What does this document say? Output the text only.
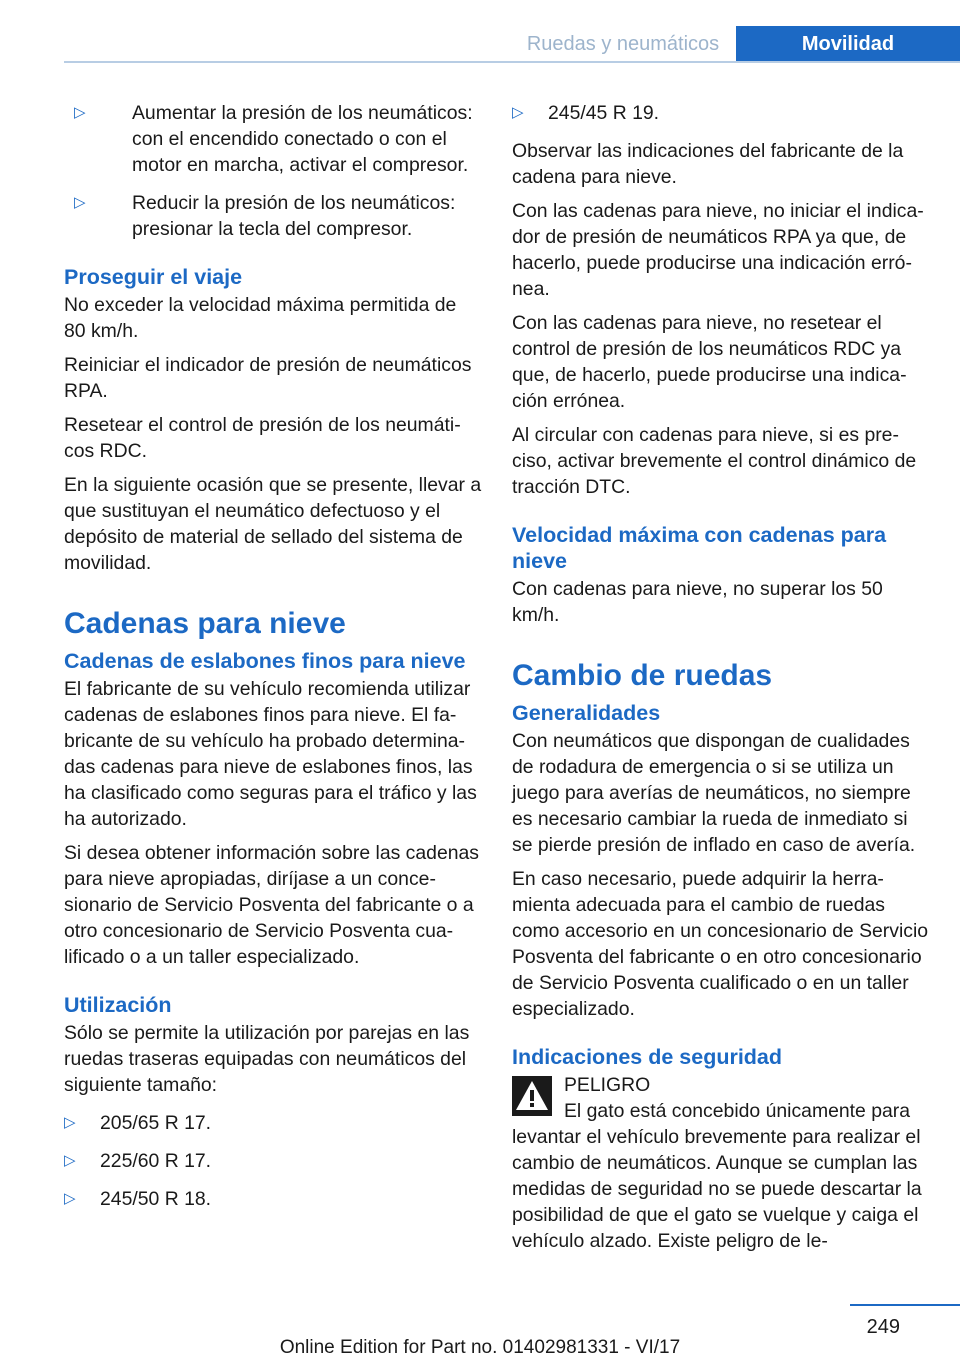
Ruedas y neumáticos	Movilidad
▷ Aumentar la presión de los neumáticos: con el encendido conectado o con el motor en marcha, activar el compresor.
▷ Reducir la presión de los neumáticos: presionar la tecla del compresor.
Proseguir el viaje

No exceder la velocidad máxima permitida de 80 km/h.

Reiniciar el indicador de presión de neumáticos RPA.

Resetear el control de presión de los neumáticos RDC.

En la siguiente ocasión que se presente, llevar a que sustituyan el neumático defectuoso y el depósito de material de sellado del sistema de movilidad.

Cadenas para nieve
Cadenas de eslabones finos para nieve

El fabricante de su vehículo recomienda utilizar cadenas de eslabones finos para nieve. El fabricante de su vehículo ha probado determinadas cadenas para nieve de eslabones finos, las ha clasificado como seguras para el tráfico y las ha autorizado.

Si desea obtener información sobre las cadenas para nieve apropiadas, diríjase a un concesionario de Servicio Posventa del fabricante o a otro concesionario de Servicio Posventa cualificado o a un taller especializado.

Utilización

Sólo se permite la utilización por parejas en las ruedas traseras equipadas con neumáticos del siguiente tamaño:

▷ 205/65 R 17.
▷ 225/60 R 17.
▷ 245/50 R 18.
▷ 245/45 R 19.

Observar las indicaciones del fabricante de la cadena para nieve.

Con las cadenas para nieve, no iniciar el indicador de presión de neumáticos RPA ya que, de hacerlo, puede producirse una indicación errónea.

Con las cadenas para nieve, no resetear el control de presión de los neumáticos RDC ya que, de hacerlo, puede producirse una indicación errónea.

Al circular con cadenas para nieve, si es preciso, activar brevemente el control dinámico de tracción DTC.

Velocidad máxima con cadenas para nieve

Con cadenas para nieve, no superar los 50 km/h.

Cambio de ruedas
Generalidades

Con neumáticos que dispongan de cualidades de rodadura de emergencia o si se utiliza un juego para averías de neumáticos, no siempre es necesario cambiar la rueda de inmediato si se pierde presión de inflado en caso de avería.

En caso necesario, puede adquirir la herramienta adecuada para el cambio de ruedas como accesorio en un concesionario de Servicio Posventa del fabricante o en otro concesionario de Servicio Posventa cualificado o en un taller especializado.

Indicaciones de seguridad
PELIGRO
El gato está concebido únicamente para levantar el vehículo brevemente para realizar el cambio de neumáticos. Aunque se cumplan las medidas de seguridad no se puede descartar la posibilidad de que el gato se vuelque y caiga el vehículo alzado. Existe peligro de le-
249
Online Edition for Part no. 01402981331 - VI/17
